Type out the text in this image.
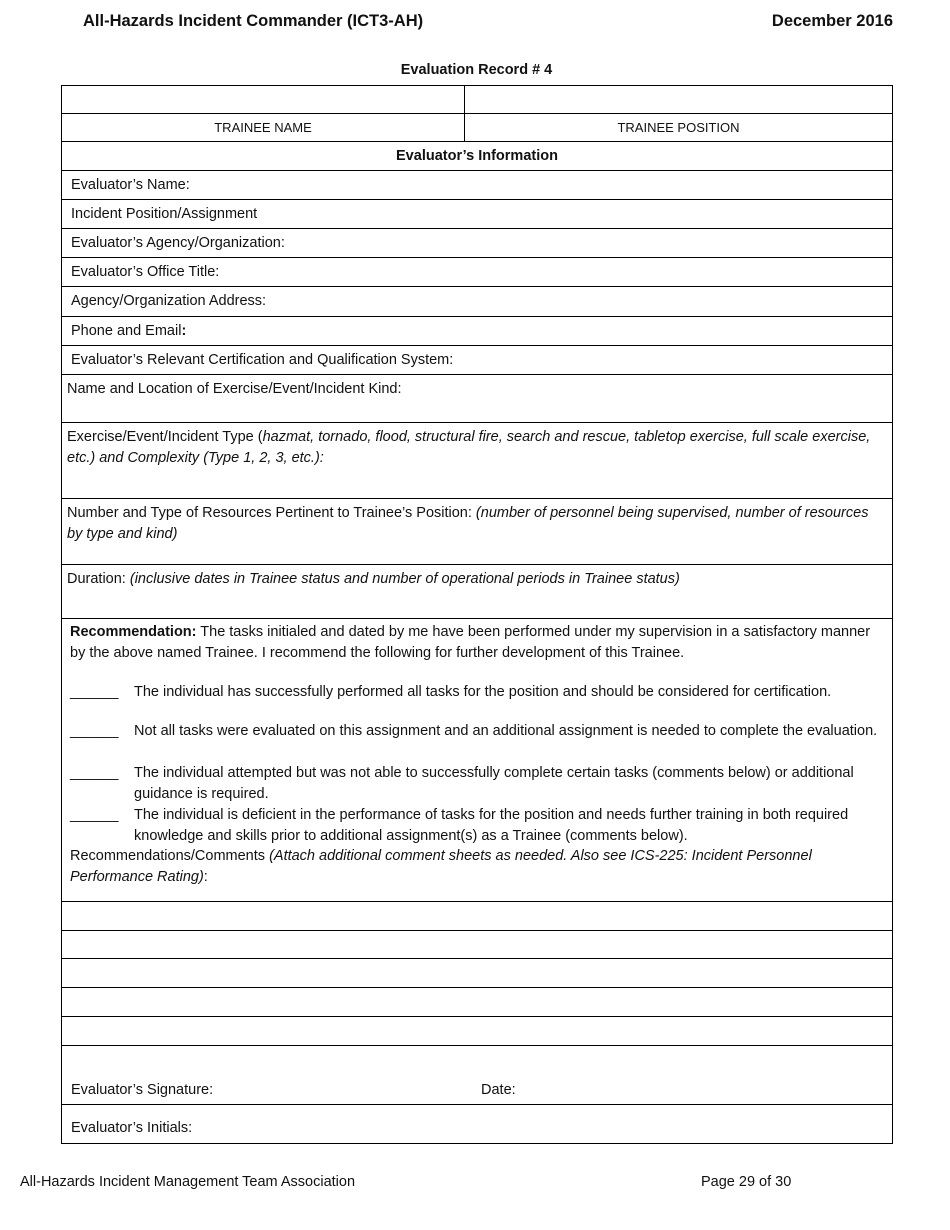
All-Hazards Incident Commander (ICT3-AH)	December 2016
Evaluation Record # 4
TRAINEE NAME	TRAINEE POSITION
Evaluator’s Information
Evaluator’s Name:
Incident Position/Assignment
Evaluator’s Agency/Organization:
Evaluator’s Office Title:
Agency/Organization Address:
Phone and Email:
Evaluator’s Relevant Certification and Qualification System:
Name and Location of Exercise/Event/Incident Kind:
Exercise/Event/Incident Type (hazmat, tornado, flood, structural fire, search and rescue, tabletop exercise, full scale exercise, etc.) and Complexity (Type 1, 2, 3, etc.):
Number and Type of Resources Pertinent to Trainee’s Position: (number of personnel being supervised, number of resources by type and kind)
Duration: (inclusive dates in Trainee status and number of operational periods in Trainee status)
Recommendation: The tasks initialed and dated by me have been performed under my supervision in a satisfactory manner by the above named Trainee. I recommend the following for further development of this Trainee.
______ The individual has successfully performed all tasks for the position and should be considered for certification.
______ Not all tasks were evaluated on this assignment and an additional assignment is needed to complete the evaluation.
______ The individual attempted but was not able to successfully complete certain tasks (comments below) or additional guidance is required.
______ The individual is deficient in the performance of tasks for the position and needs further training in both required knowledge and skills prior to additional assignment(s) as a Trainee (comments below).
Recommendations/Comments (Attach additional comment sheets as needed. Also see ICS-225: Incident Personnel Performance Rating):
Evaluator’s Signature:	Date:
Evaluator’s Initials:
All-Hazards Incident Management Team Association	Page 29 of 30
